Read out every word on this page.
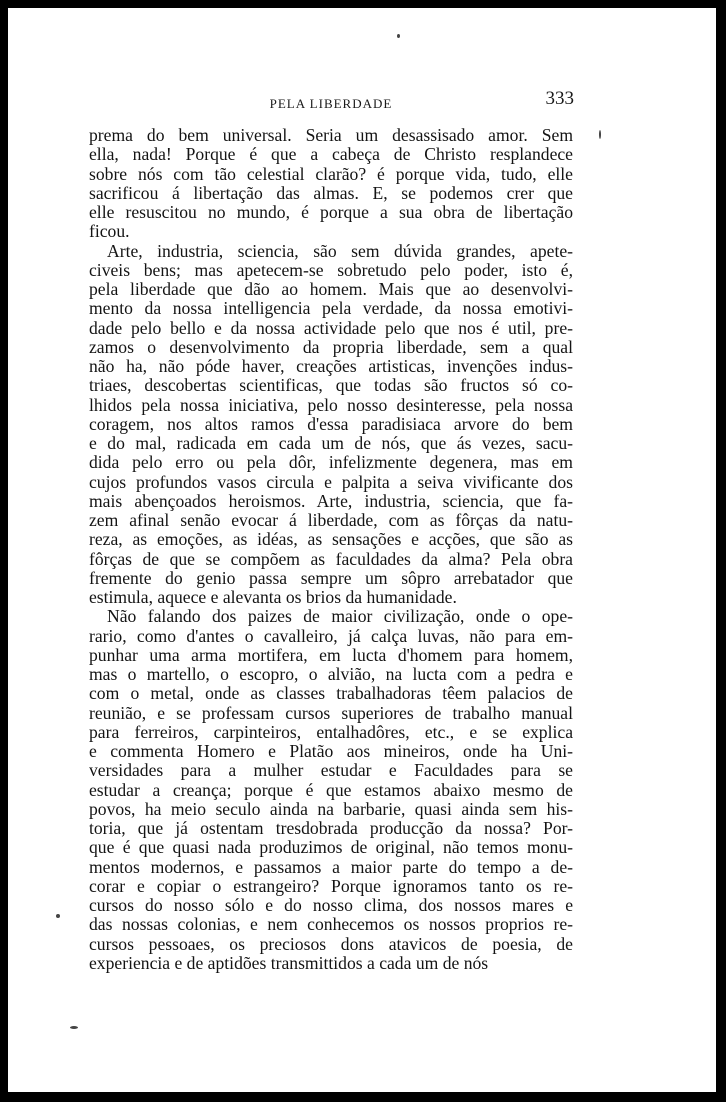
PELA LIBERDADE	333
prema do bem universal. Seria um desassisado amor. Sem
ella, nada! Porque é que a cabeça de Christo resplandece
sobre nós com tão celestial clarão? é porque vida, tudo, elle
sacrificou á libertação das almas. E, se podemos crer que
elle resuscitou no mundo, é porque a sua obra de libertação
ficou.
Arte, industria, sciencia, são sem dúvida grandes, apete-
civeis bens; mas apetecem-se sobretudo pelo poder, isto é,
pela liberdade que dão ao homem. Mais que ao desenvolvi-
mento da nossa intelligencia pela verdade, da nossa emotivi-
dade pelo bello e da nossa actividade pelo que nos é util, pre-
zamos o desenvolvimento da propria liberdade, sem a qual
não ha, não póde haver, creações artisticas, invenções indus-
triaes, descobertas scientificas, que todas são fructos só co-
lhidos pela nossa iniciativa, pelo nosso desinteresse, pela nossa
coragem, nos altos ramos d'essa paradisiaca arvore do bem
e do mal, radicada em cada um de nós, que ás vezes, sacu-
dida pelo erro ou pela dôr, infelizmente degenera, mas em
cujos profundos vasos circula e palpita a seiva vivificante dos
mais abençoados heroismos. Arte, industria, sciencia, que fa-
zem afinal senão evocar á liberdade, com as fôrças da natu-
reza, as emoções, as idéas, as sensações e acções, que são as
fôrças de que se compõem as faculdades da alma? Pela obra
fremente do genio passa sempre um sôpro arrebatador que
estimula, aquece e alevanta os brios da humanidade.
Não falando dos paizes de maior civilização, onde o ope-
rario, como d'antes o cavalleiro, já calça luvas, não para em-
punhar uma arma mortifera, em lucta d'homem para homem,
mas o martello, o escopro, o alvião, na lucta com a pedra e
com o metal, onde as classes trabalhadoras têem palacios de
reunião, e se professam cursos superiores de trabalho manual
para ferreiros, carpinteiros, entalhadôres, etc., e se explica
e commenta Homero e Platão aos mineiros, onde ha Uni-
versidades para a mulher estudar e Faculdades para se
estudar a creança; porque é que estamos abaixo mesmo de
povos, ha meio seculo ainda na barbarie, quasi ainda sem his-
toria, que já ostentam tresdobrada producção da nossa? Por-
que é que quasi nada produzimos de original, não temos monu-
mentos modernos, e passamos a maior parte do tempo a de-
corar e copiar o estrangeiro? Porque ignoramos tanto os re-
cursos do nosso sólo e do nosso clima, dos nossos mares e
das nossas colonias, e nem conhecemos os nossos proprios re-
cursos pessoaes, os preciosos dons atavicos de poesia, de
experiencia e de aptidões transmittidos a cada um de nós
